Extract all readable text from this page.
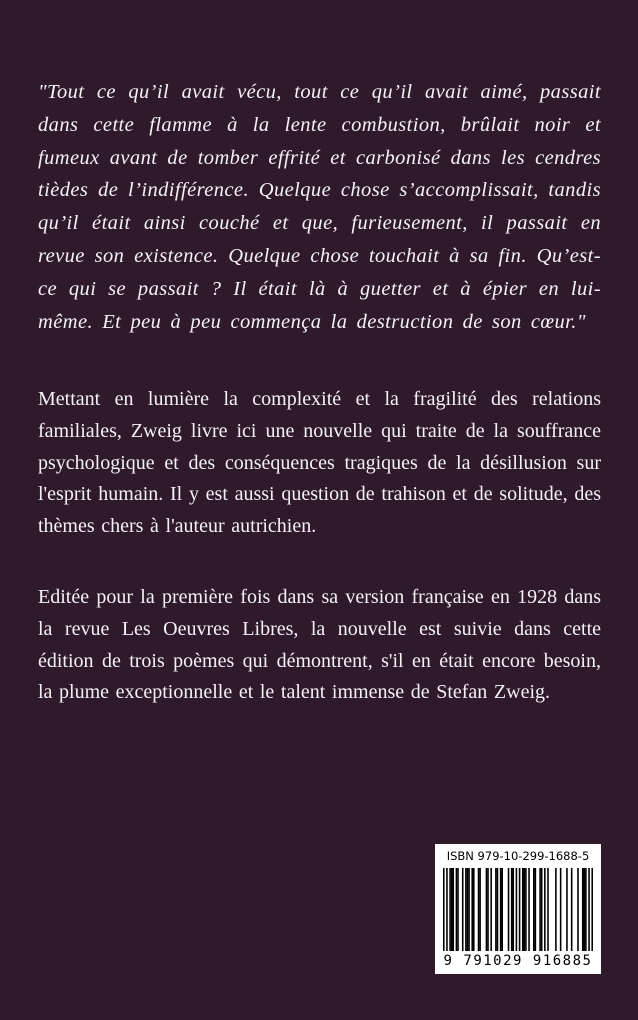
"Tout ce qu’il avait vécu, tout ce qu’il avait aimé, passait dans cette flamme à la lente combustion, brûlait noir et fumeux avant de tomber effrité et carbonisé dans les cendres tièdes de l’indifférence. Quelque chose s’accomplissait, tandis qu’il était ainsi couché et que, furieusement, il passait en revue son existence. Quelque chose touchait à sa fin. Qu’est-ce qui se passait ? Il était là à guetter et à épier en lui-même. Et peu à peu commença la destruction de son cœur."

Mettant en lumière la complexité et la fragilité des relations familiales, Zweig livre ici une nouvelle qui traite de la souffrance psychologique et des conséquences tragiques de la désillusion sur l'esprit humain. Il y est aussi question de trahison et de solitude, des thèmes chers à l'auteur autrichien.

Editée pour la première fois dans sa version française en 1928 dans la revue Les Oeuvres Libres, la nouvelle est suivie dans cette édition de trois poèmes qui démontrent, s'il en était encore besoin, la plume exceptionnelle et le talent immense de Stefan Zweig.

ISBN 979-10-299-1688-5
9 791029 916885
